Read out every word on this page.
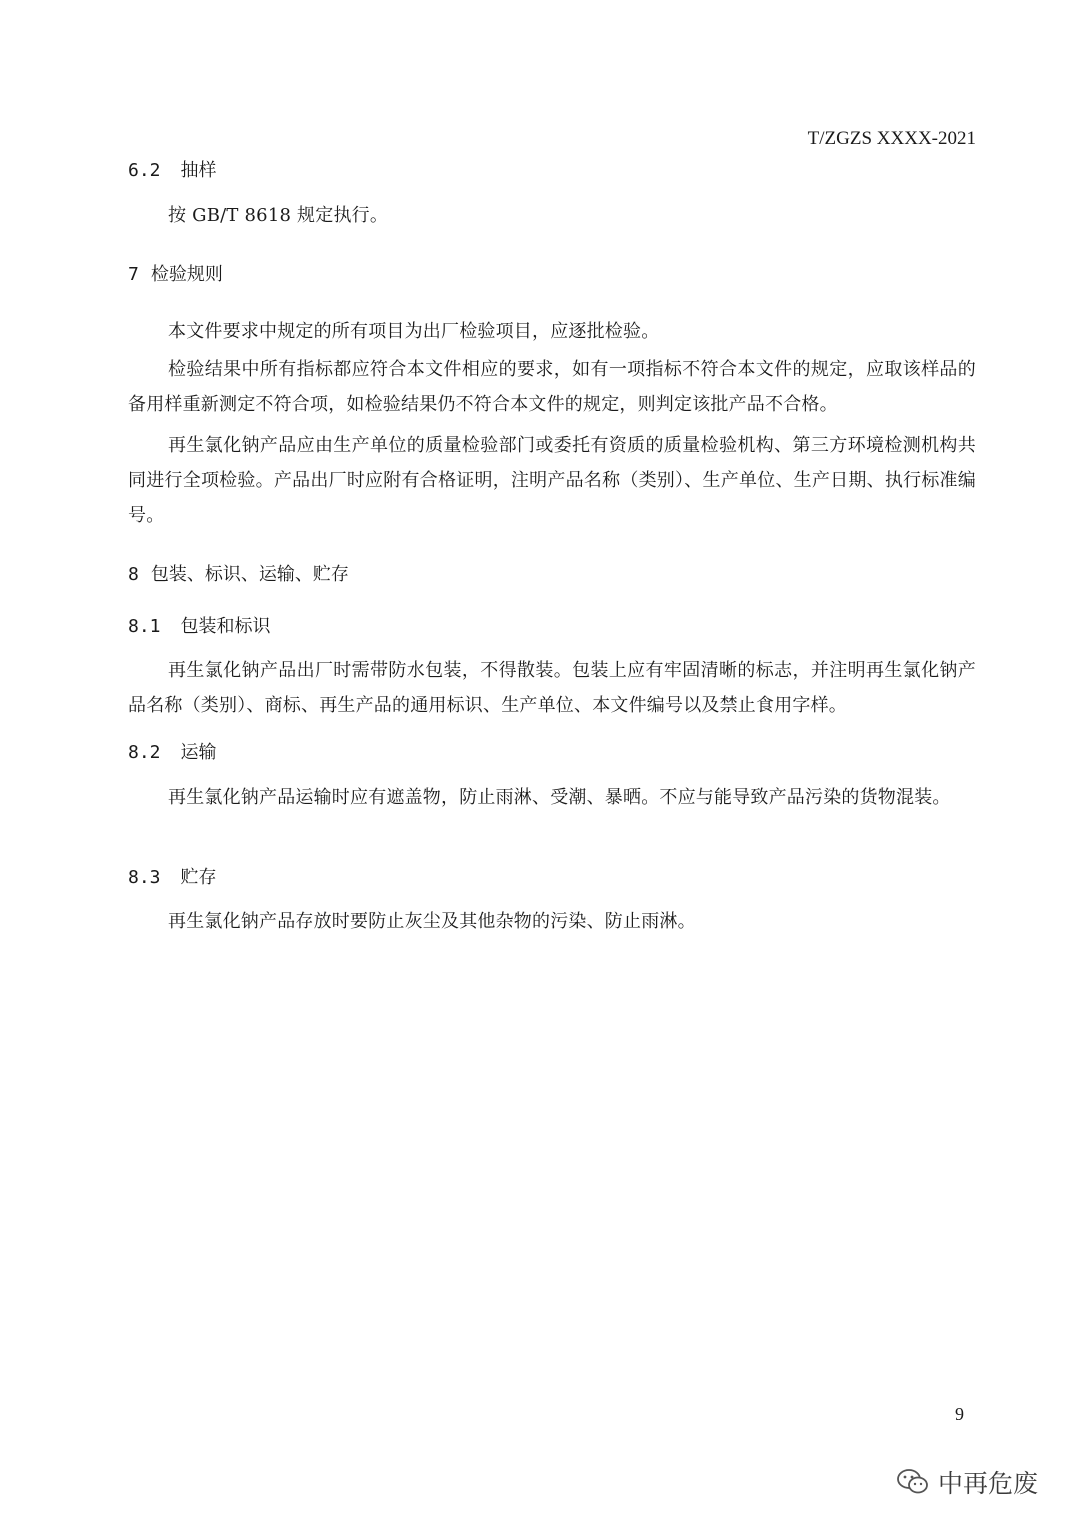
T/ZGZS XXXX-2021
6.2 抽样
按 GB/T 8618 规定执行。
7 检验规则
本文件要求中规定的所有项目为出厂检验项目，应逐批检验。
检验结果中所有指标都应符合本文件相应的要求，如有一项指标不符合本文件的规定，应取该样品的备用样重新测定不符合项，如检验结果仍不符合本文件的规定，则判定该批产品不合格。
再生氯化钠产品应由生产单位的质量检验部门或委托有资质的质量检验机构、第三方环境检测机构共同进行全项检验。产品出厂时应附有合格证明，注明产品名称（类别）、生产单位、生产日期、执行标准编号。
8 包装、标识、运输、贮存
8.1 包装和标识
再生氯化钠产品出厂时需带防水包装，不得散装。包装上应有牢固清晰的标志，并注明再生氯化钠产品名称（类别）、商标、再生产品的通用标识、生产单位、本文件编号以及禁止食用字样。
8.2 运输
再生氯化钠产品运输时应有遮盖物，防止雨淋、受潮、暴晒。不应与能导致产品污染的货物混装。
8.3 贮存
再生氯化钠产品存放时要防止灰尘及其他杂物的污染、防止雨淋。
9
中再危废
